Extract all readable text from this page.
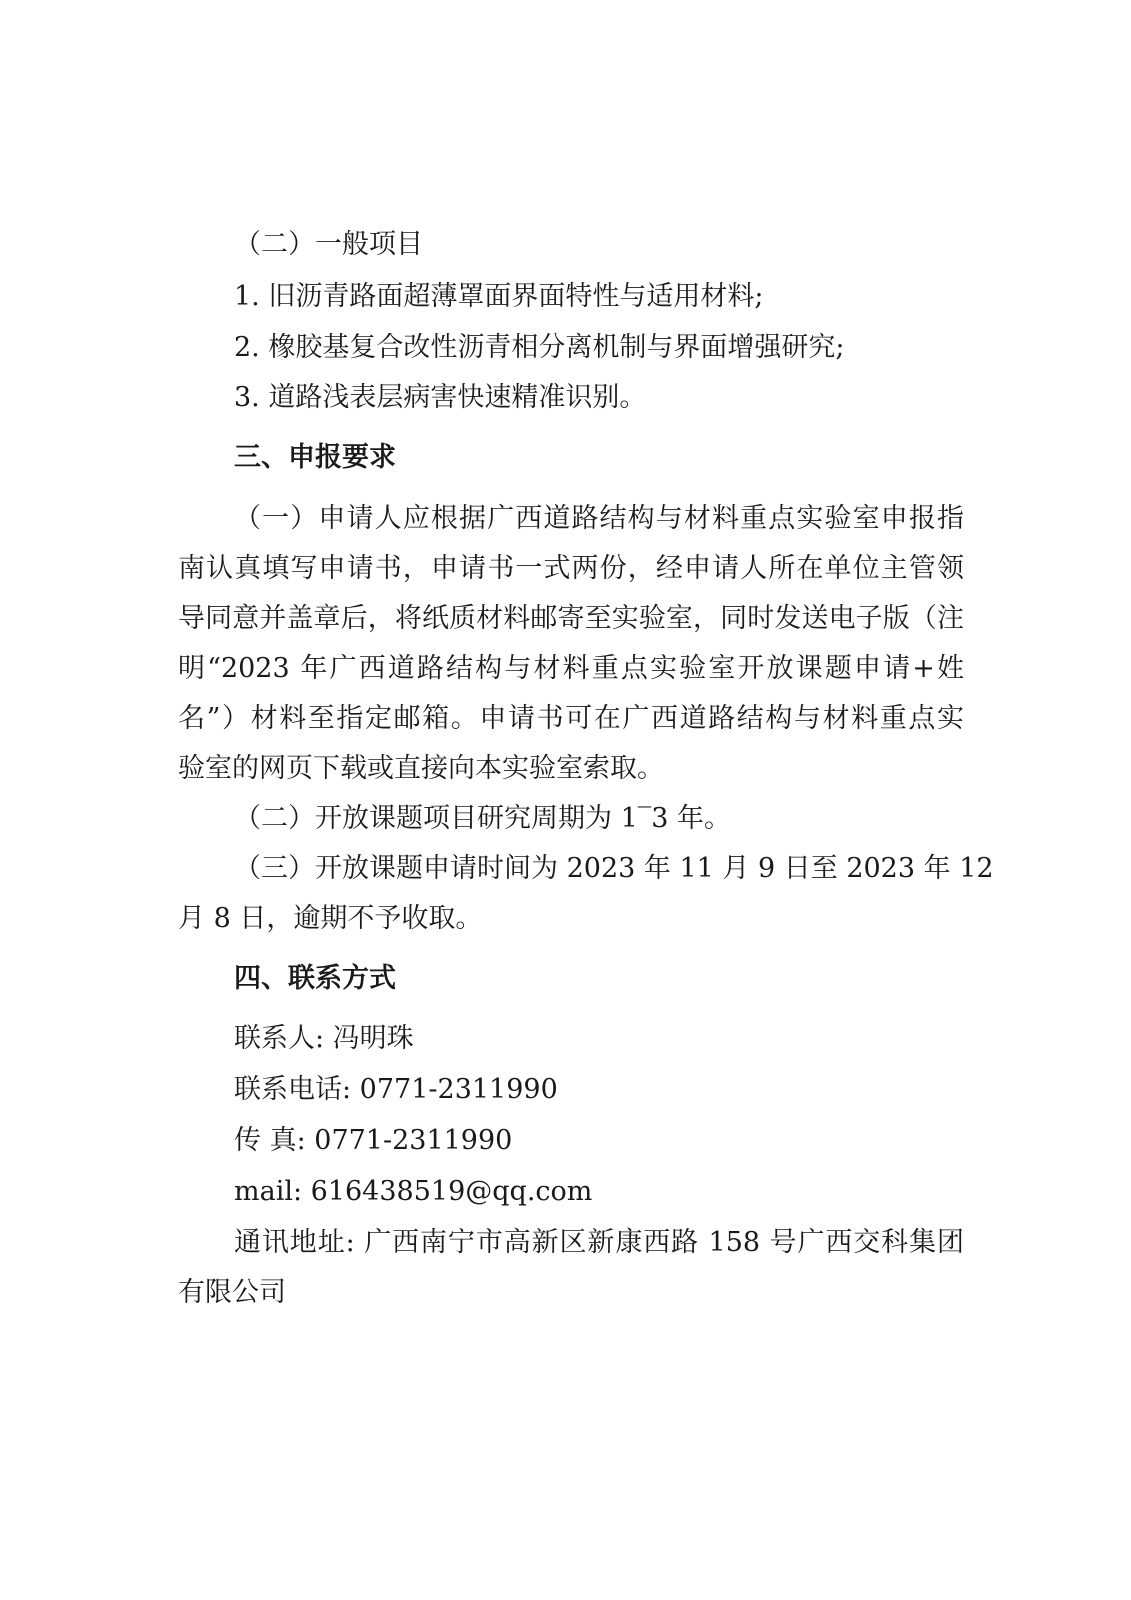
（二）一般项目
1. 旧沥青路面超薄罩面界面特性与适用材料;
2. 橡胶基复合改性沥青相分离机制与界面增强研究;
3. 道路浅表层病害快速精准识别。
三、申报要求
（一）申请人应根据广西道路结构与材料重点实验室申报指
南认真填写申请书，申请书一式两份，经申请人所在单位主管领
导同意并盖章后，将纸质材料邮寄至实验室，同时发送电子版（注
明“2023 年广西道路结构与材料重点实验室开放课题申请+姓
名”）材料至指定邮箱。申请书可在广西道路结构与材料重点实
验室的网页下载或直接向本实验室索取。
（二）开放课题项目研究周期为 1‾3 年。
（三）开放课题申请时间为 2023 年 11 月 9 日至 2023 年 12
月 8 日，逾期不予收取。
四、联系方式
联系人: 冯明珠
联系电话: 0771-2311990
传 真: 0771-2311990
mail: 616438519@qq.com
通讯地址: 广西南宁市高新区新康西路 158 号广西交科集团
有限公司
